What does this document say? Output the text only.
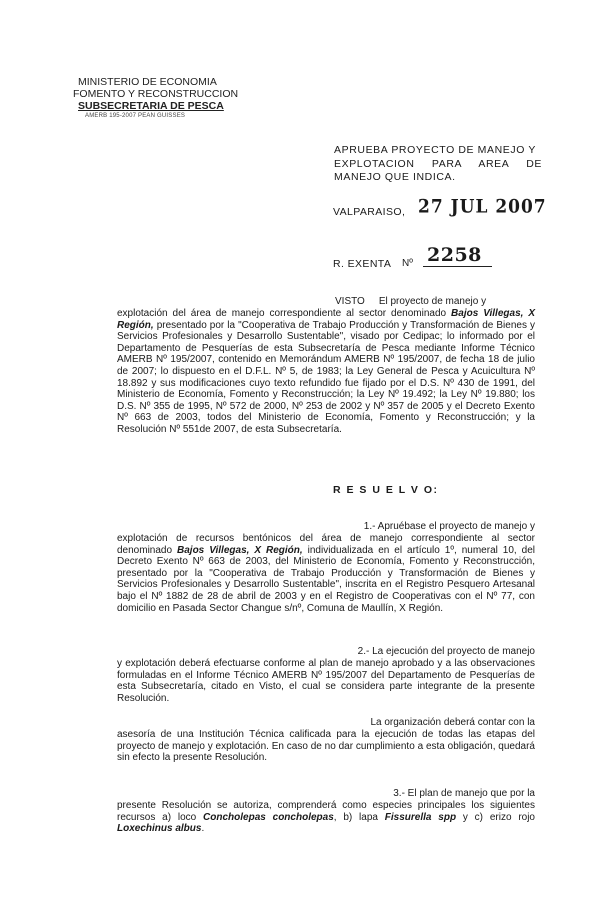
MINISTERIO DE ECONOMIA
FOMENTO Y RECONSTRUCCION
SUBSECRETARIA DE PESCA
AMERB 195-2007 PEAN GUISSES
APRUEBA PROYECTO DE MANEJO Y
EXPLOTACION PARA AREA DE
MANEJO QUE INDICA.
VALPARAISO, 27 JUL 2007
R. EXENTA Nº 2258
VISTO El proyecto de manejo y
explotación del área de manejo correspondiente al sector denominado Bajos Villegas, X Región, presentado por la "Cooperativa de Trabajo Producción y Transformación de Bienes y Servicios Profesionales y Desarrollo Sustentable", visado por Cedipac; lo informado por el Departamento de Pesquerías de esta Subsecretaría de Pesca mediante Informe Técnico AMERB Nº 195/2007, contenido en Memorándum AMERB Nº 195/2007, de fecha 18 de julio de 2007; lo dispuesto en el D.F.L. Nº 5, de 1983; la Ley General de Pesca y Acuicultura Nº 18.892 y sus modificaciones cuyo texto refundido fue fijado por el D.S. Nº 430 de 1991, del Ministerio de Economía, Fomento y Reconstrucción; la Ley Nº 19.492; la Ley Nº 19.880; los D.S. Nº 355 de 1995, Nº 572 de 2000, Nº 253 de 2002 y Nº 357 de 2005 y el Decreto Exento Nº 663 de 2003, todos del Ministerio de Economía, Fomento y Reconstrucción; y la Resolución Nº 551de 2007, de esta Subsecretaría.
R E S U E L V O:
1.- Apruébase el proyecto de manejo y
explotación de recursos bentónicos del área de manejo correspondiente al sector denominado Bajos Villegas, X Región, individualizada en el artículo 1º, numeral 10, del Decreto Exento Nº 663 de 2003, del Ministerio de Economía, Fomento y Reconstrucción, presentado por la "Cooperativa de Trabajo Producción y Transformación de Bienes y Servicios Profesionales y Desarrollo Sustentable", inscrita en el Registro Pesquero Artesanal bajo el Nº 1882 de 28 de abril de 2003 y en el Registro de Cooperativas con el Nº 77, con domicilio en Pasada Sector Changue s/nº, Comuna de Maullín, X Región.
2.- La ejecución del proyecto de manejo
y explotación deberá efectuarse conforme al plan de manejo aprobado y a las observaciones formuladas en el Informe Técnico AMERB Nº 195/2007 del Departamento de Pesquerías de esta Subsecretaría, citado en Visto, el cual se considera parte integrante de la presente Resolución.
La organización deberá contar con la
asesoría de una Institución Técnica calificada para la ejecución de todas las etapas del proyecto de manejo y explotación. En caso de no dar cumplimiento a esta obligación, quedará sin efecto la presente Resolución.
3.- El plan de manejo que por la
presente Resolución se autoriza, comprenderá como especies principales los siguientes recursos a) loco Concholepas concholepas, b) lapa Fissurella spp y c) erizo rojo Loxechinus albus.
